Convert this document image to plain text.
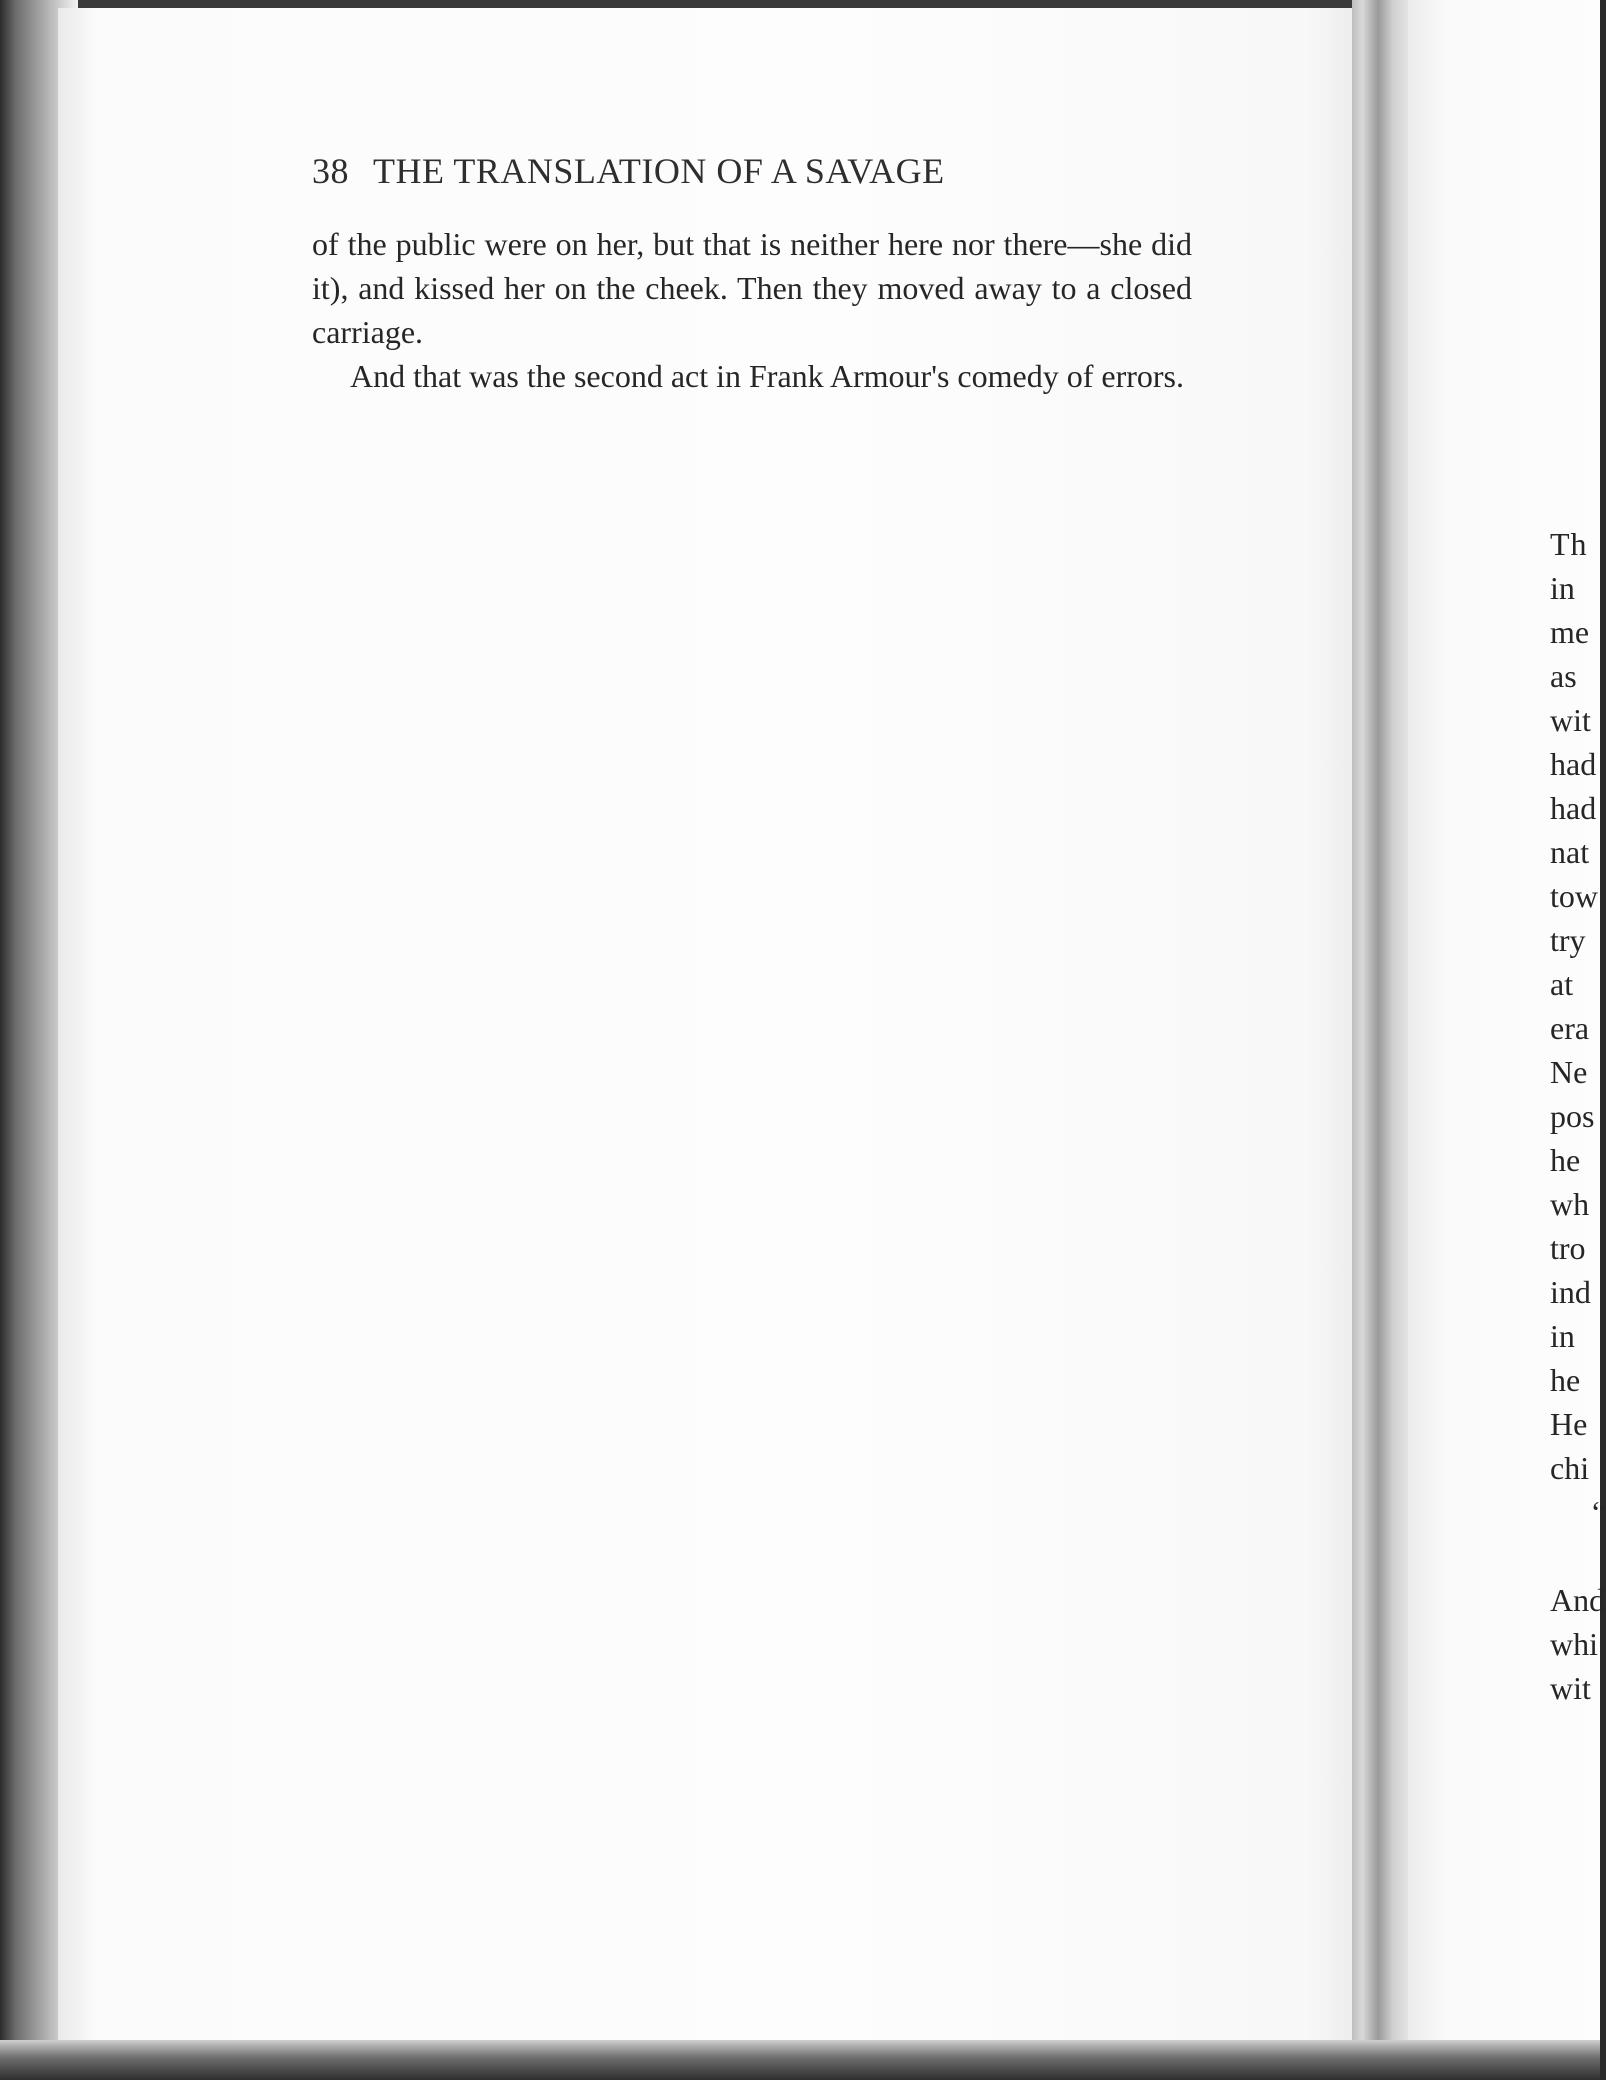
38 THE TRANSLATION OF A SAVAGE

of the public were on her, but that is neither here nor there—she did it), and kissed her on the cheek. Then they moved away to a closed carriage.

And that was the second act in Frank Armour's comedy of errors.

Th
in
me
as
wit
had
had
nat
tow
try
at
era
Ne
pos
he
wh
tro
ind
in
he
He
chi
“
And
whi
wit
